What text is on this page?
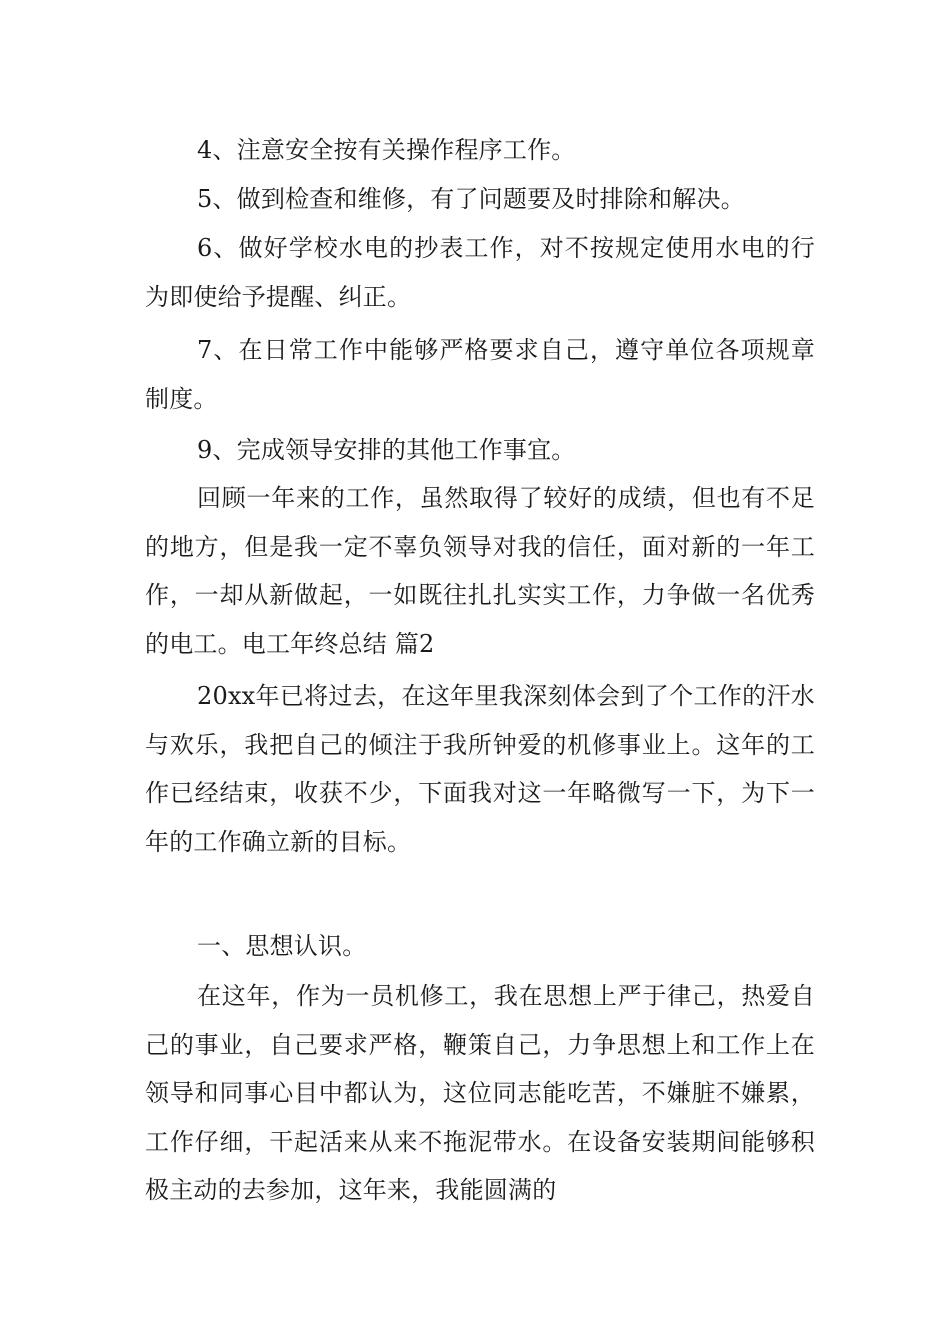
4、注意安全按有关操作程序工作。

5、做到检查和维修，有了问题要及时排除和解决。

6、做好学校水电的抄表工作，对不按规定使用水电的行为即使给予提醒、纠正。

7、在日常工作中能够严格要求自己，遵守单位各项规章制度。

9、完成领导安排的其他工作事宜。

回顾一年来的工作，虽然取得了较好的成绩，但也有不足的地方，但是我一定不辜负领导对我的信任，面对新的一年工作，一却从新做起，一如既往扎扎实实工作，力争做一名优秀的电工。电工年终总结 篇2

20xx年已将过去，在这年里我深刻体会到了个工作的汗水与欢乐，我把自己的倾注于我所钟爱的机修事业上。这年的工作已经结束，收获不少，下面我对这一年略微写一下，为下一年的工作确立新的目标。

一、思想认识。

在这年，作为一员机修工，我在思想上严于律己，热爱自己的事业，自己要求严格，鞭策自己，力争思想上和工作上在领导和同事心目中都认为，这位同志能吃苦，不嫌脏不嫌累，工作仔细，干起活来从来不拖泥带水。在设备安装期间能够积极主动的去参加，这年来，我能圆满的
